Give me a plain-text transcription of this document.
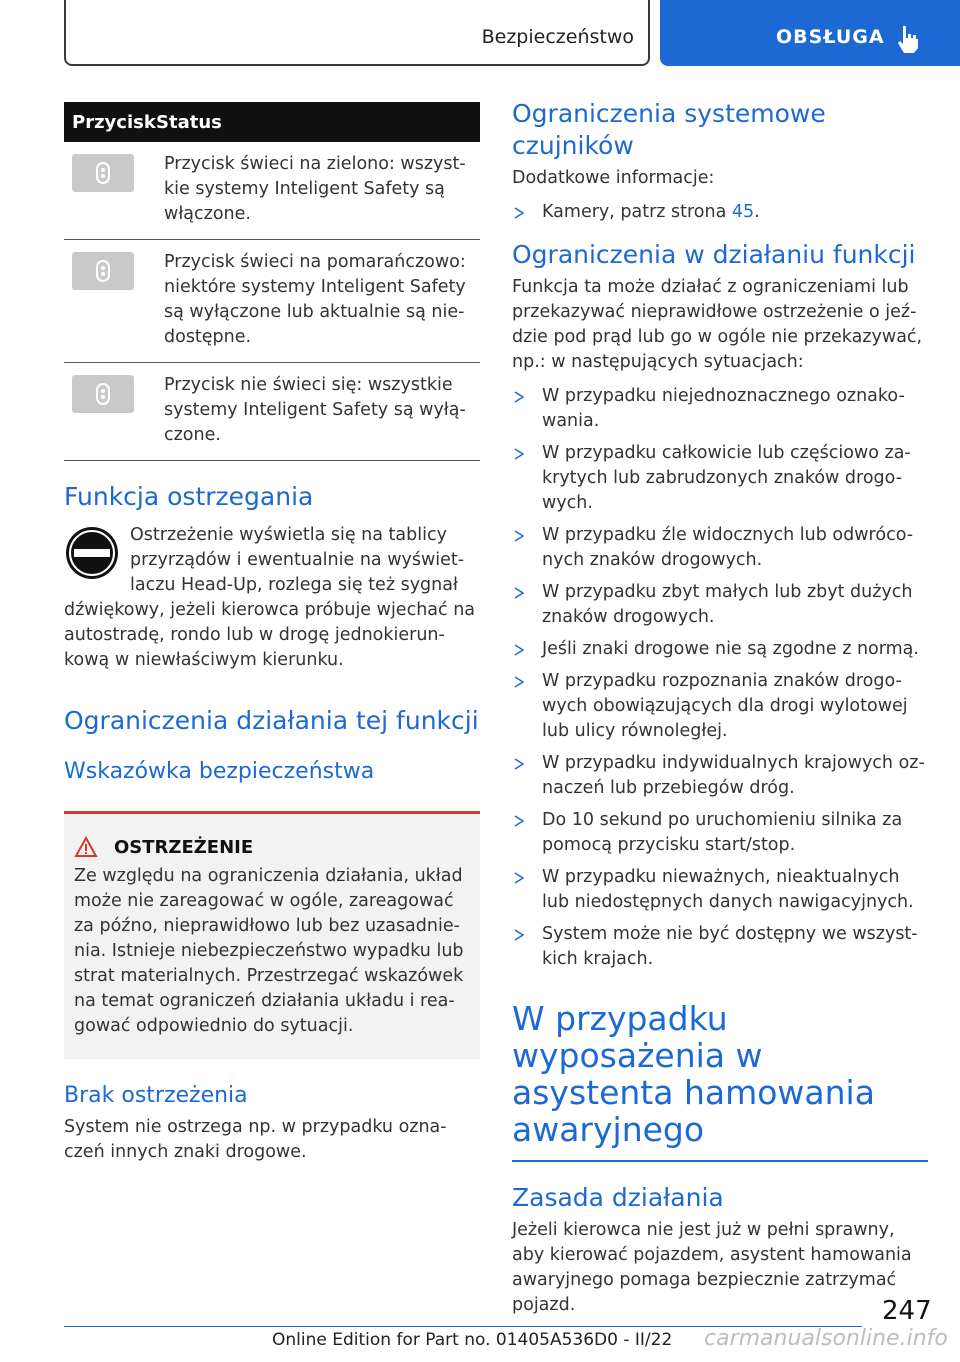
Bezpieczeństwo	OBSŁUGA
Przycisk Status
Przycisk świeci na zielono: wszyst- kie systemy Inteligent Safety są włączone.
Przycisk świeci na pomarańczowo: niektóre systemy Inteligent Safety są wyłączone lub aktualnie są nie- dostępne.
Przycisk nie świeci się: wszystkie systemy Inteligent Safety są wyłą- czone.
Funkcja ostrzegania

Ostrzeżenie wyświetla się na tablicy przyrządów i ewentualnie na wyświet- laczu Head-Up, rozlega się też sygnał

dźwiękowy, jeżeli kierowca próbuje wjechać na autostradę, rondo lub w drogę jednokierun- kową w niewłaściwym kierunku.

Ograniczenia działania tej funkcji
Wskazówka bezpieczeństwa
OSTRZEŻENIE

Ze względu na ograniczenia działania, układ może nie zareagować w ogóle, zareagować za późno, nieprawidłowo lub bez uzasadnie- nia. Istnieje niebezpieczeństwo wypadku lub strat materialnych. Przestrzegać wskazówek na temat ograniczeń działania układu i rea- gować odpowiednio do sytuacji.

Brak ostrzeżenia

System nie ostrzega np. w przypadku ozna- czeń innych znaki drogowe.

Ograniczenia systemowe czujników

Dodatkowe informacje:

Kamery, patrz strona 45.
Ograniczenia w działaniu funkcji

Funkcja ta może działać z ograniczeniami lub przekazywać nieprawidłowe ostrzeżenie o jeź- dzie pod prąd lub go w ogóle nie przekazywać, np.: w następujących sytuacjach:

W przypadku niejednoznacznego oznako- wania.
W przypadku całkowicie lub częściowo za- krytych lub zabrudzonych znaków drogo- wych.
W przypadku źle widocznych lub odwróco- nych znaków drogowych.
W przypadku zbyt małych lub zbyt dużych znaków drogowych.
Jeśli znaki drogowe nie są zgodne z normą.
W przypadku rozpoznania znaków drogo- wych obowiązujących dla drogi wylotowej lub ulicy równoległej.
W przypadku indywidualnych krajowych oz- naczeń lub przebiegów dróg.
Do 10 sekund po uruchomieniu silnika za pomocą przycisku start/stop.
W przypadku nieważnych, nieaktualnych lub niedostępnych danych nawigacyjnych.
System może nie być dostępny we wszyst- kich krajach.
W przypadku wyposażenia w asystenta hamowania awaryjnego
Zasada działania

Jeżeli kierowca nie jest już w pełni sprawny, aby kierować pojazdem, asystent hamowania awaryjnego pomaga bezpiecznie zatrzymać pojazd.	247
Online Edition for Part no. 01405A536D0 - II/22 carmanualsonline.info
